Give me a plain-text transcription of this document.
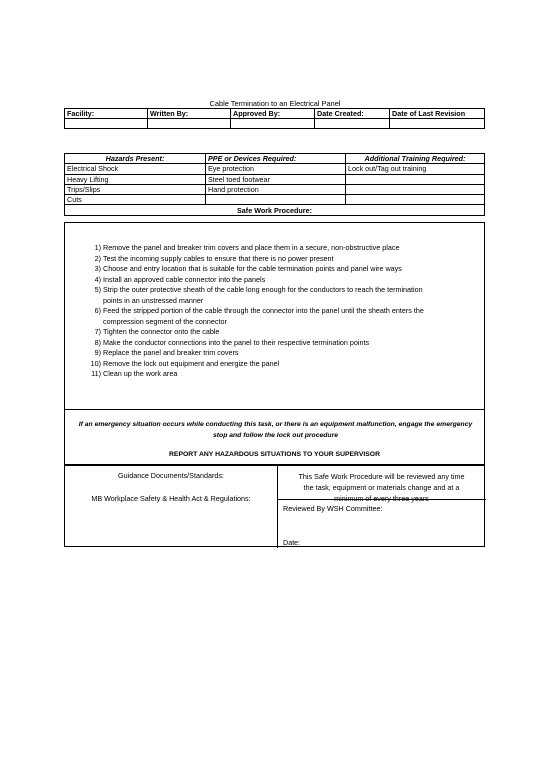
Cable Termination to an Electrical Panel
Facility:	Written By:	Approved By:	Date Created:	Date of Last Revision

Hazards Present:	PPE or Devices Required:	Additional Training Required:
Electrical Shock	Eye protection	Lock out/Tag out training
Heavy Lifting	Steel toed footwear	
Trips/Slips	Hand protection	
Cuts		
Safe Work Procedure:		
1) Remove the panel and breaker trim covers and place them in a secure, non-obstructive place
2) Test the incoming supply cables to ensure that there is no power present
3) Choose and entry location that is suitable for the cable termination points and panel wire ways
4) Install an approved cable connector into the panels
5) Strip the outer protective sheath of the cable long enough for the conductors to reach the termination
points in an unstressed manner
6) Feed the stripped portion of the cable through the connector into the panel until the sheath enters the
compression segment of the connector
7) Tighten the connector onto the cable
8) Make the conductor connections into the panel to their respective termination points
9) Replace the panel and breaker trim covers
10) Remove the lock out equipment and energize the panel
11) Clean up the work area
If an emergency situation occurs while conducting this task, or there is an equipment malfunction, engage the emergency
stop and follow the lock out procedure
REPORT ANY HAZARDOUS SITUATIONS TO YOUR SUPERVISOR
Guidance Documents/Standards:
MB Workplace Safety & Health Act & Regulations:
This Safe Work Procedure will be reviewed any time
the task, equipment or materials change and at a
minimum of every three years
Reviewed By WSH Committee:
Date:
